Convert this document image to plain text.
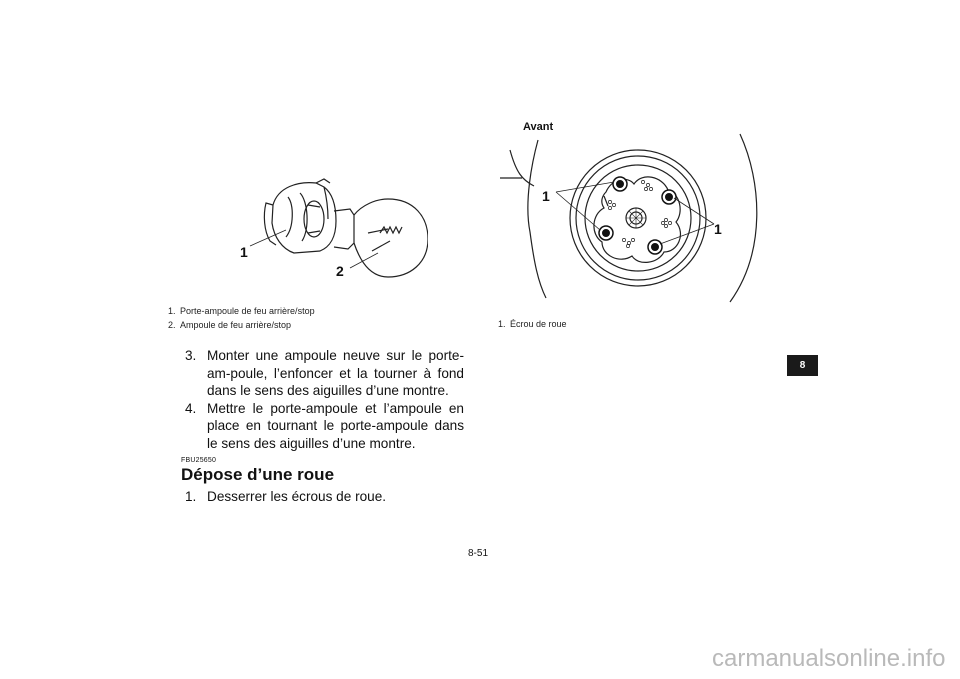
1
2
1. Porte-ampoule de feu arrière/stop
2. Ampoule de feu arrière/stop
Avant
1
1
1. Écrou de roue

3. Monter une ampoule neuve sur le porte-am-poule, l’enfoncer et la tourner à fond dans le sens des aiguilles d’une montre.

4. Mettre le porte-ampoule et l’ampoule en place en tournant le porte-ampoule dans le sens des aiguilles d’une montre.

FBU25650
Dépose d’une roue

1. Desserrer les écrous de roue.

8-51
8
carmanualsonline.info
